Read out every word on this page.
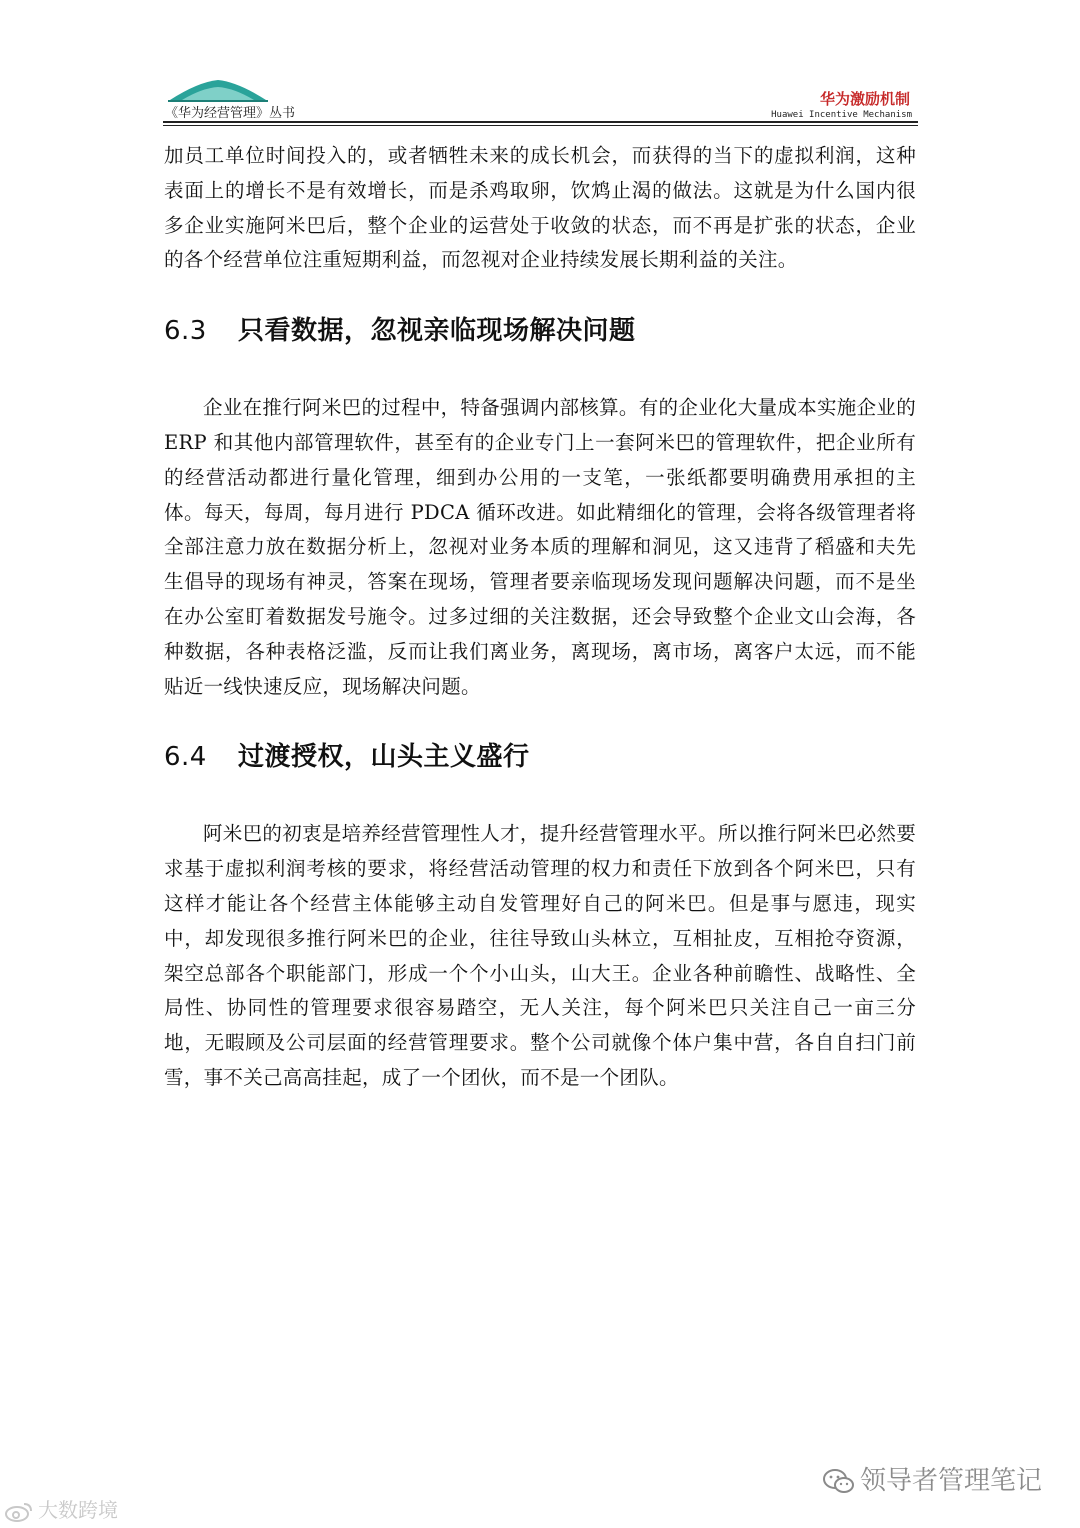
《华为经营管理》丛书
华为激励机制
Huawei Incentive Mechanism

加员工单位时间投入的，或者牺牲未来的成长机会，而获得的当下的虚拟利润，这种表面上的增长不是有效增长，而是杀鸡取卵，饮鸩止渴的做法。这就是为什么国内很多企业实施阿米巴后，整个企业的运营处于收敛的状态，而不再是扩张的状态，企业的各个经营单位注重短期利益，而忽视对企业持续发展长期利益的关注。

6.3 只看数据，忽视亲临现场解决问题

企业在推行阿米巴的过程中，特备强调内部核算。有的企业化大量成本实施企业的 ERP 和其他内部管理软件，甚至有的企业专门上一套阿米巴的管理软件，把企业所有的经营活动都进行量化管理，细到办公用的一支笔，一张纸都要明确费用承担的主体。每天，每周，每月进行 PDCA 循环改进。如此精细化的管理，会将各级管理者将全部注意力放在数据分析上，忽视对业务本质的理解和洞见，这又违背了稻盛和夫先生倡导的现场有神灵，答案在现场，管理者要亲临现场发现问题解决问题，而不是坐在办公室盯着数据发号施令。过多过细的关注数据，还会导致整个企业文山会海，各种数据，各种表格泛滥，反而让我们离业务，离现场，离市场，离客户太远，而不能贴近一线快速反应，现场解决问题。

6.4 过渡授权，山头主义盛行

阿米巴的初衷是培养经营管理性人才，提升经营管理水平。所以推行阿米巴必然要求基于虚拟利润考核的要求，将经营活动管理的权力和责任下放到各个阿米巴，只有这样才能让各个经营主体能够主动自发管理好自己的阿米巴。但是事与愿违，现实中，却发现很多推行阿米巴的企业，往往导致山头林立，互相扯皮，互相抢夺资源，架空总部各个职能部门，形成一个个小山头，山大王。企业各种前瞻性、战略性、全局性、协同性的管理要求很容易踏空，无人关注，每个阿米巴只关注自己一亩三分地，无暇顾及公司层面的经营管理要求。整个公司就像个体户集中营，各自自扫门前雪，事不关己高高挂起，成了一个团伙，而不是一个团队。

大数跨境
领导者管理笔记
